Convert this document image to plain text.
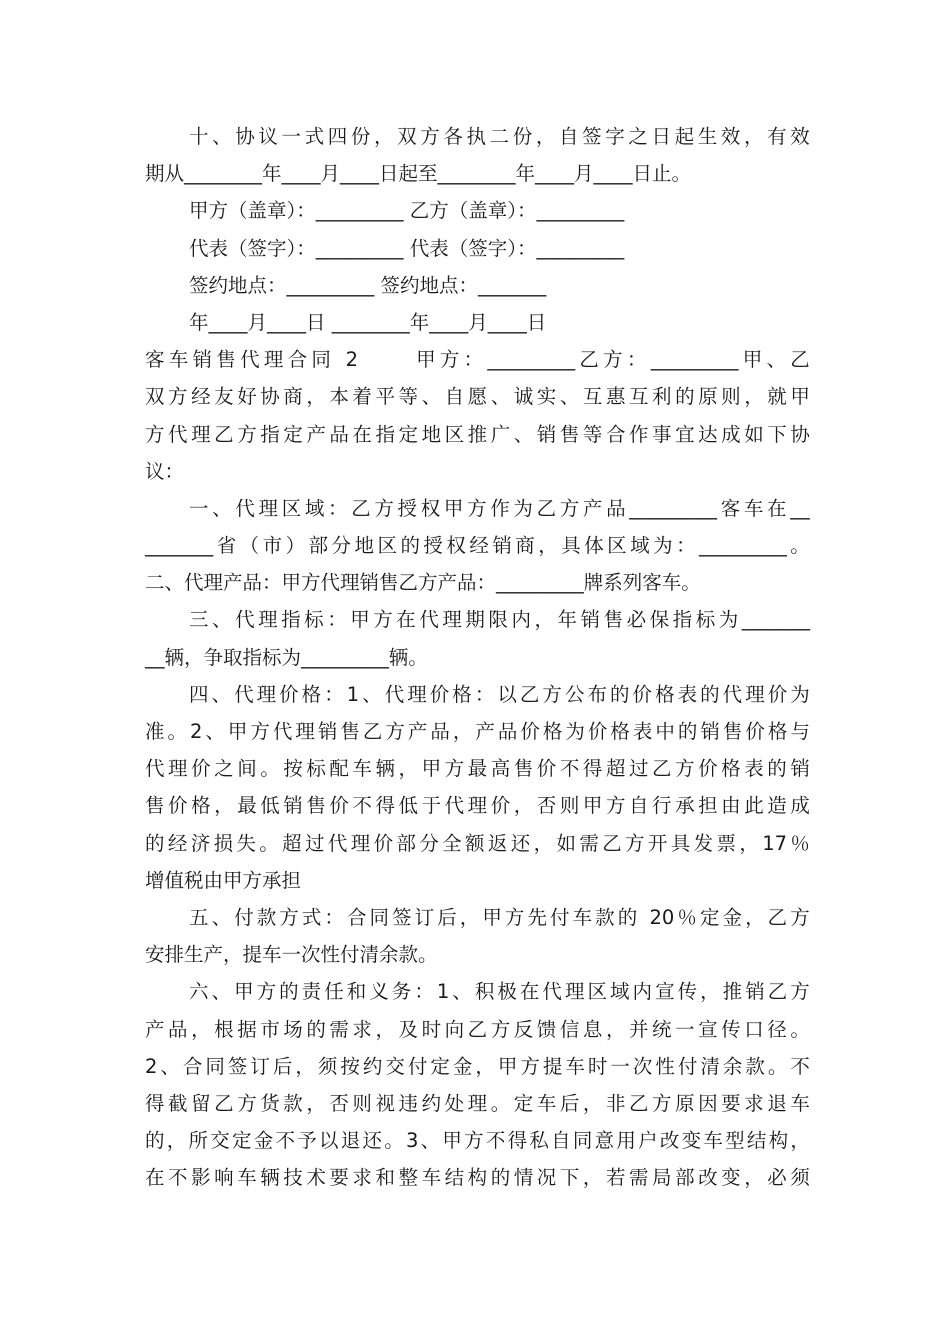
十 、 协 议 一 式 四 份 ， 双 方 各 执 二 份 ， 自 签 字 之 日 起 生 效 ， 有 效
期从________年____月____日起至________年____月____日止。
甲方（盖章）：_________ 乙方（盖章）：_________
代表（签字）：_________ 代表（签字）：_________
签约地点：_________ 签约地点：_______
年____月____日 ________年____月____日
客 车 销 售 代 理 合 同
2
	甲 方 ： _________ 乙 方 ： _________ 甲 、 乙
双 方 经 友 好 协 商 ， 本 着 平 等 、 自 愿 、 诚 实 、 互 惠 互 利 的 原 则 ， 就 甲
方 代 理 乙 方 指 定 产 品 在 指 定 地 区 推 广 、 销 售 等 合 作 事 宜 达 成 如 下 协
议：
一 、 代 理 区 域 ： 乙 方 授 权 甲 方 作 为 乙 方 产 品 _________ 客 车 在 __
_______ 省 （ 市 ） 部 分 地 区 的 授 权 经 销 商 ， 具 体 区 域 为 ： _________ 。
二、代理产品：甲方代理销售乙方产品：_________牌系列客车。
三 、 代 理 指 标 ： 甲 方 在 代 理 期 限 内 ， 年 销 售 必 保 指 标 为 _______
__辆，争取指标为_________辆。
四 、 代 理 价 格 ： 1 、 代 理 价 格 ： 以 乙 方 公 布 的 价 格 表 的 代 理 价 为
准 。 2 、 甲 方 代 理 销 售 乙 方 产 品 ， 产 品 价 格 为 价 格 表 中 的 销 售 价 格 与
代 理 价 之 间 。 按 标 配 车 辆 ， 甲 方 最 高 售 价 不 得 超 过 乙 方 价 格 表 的 销
售 价 格 ， 最 低 销 售 价 不 得 低 于 代 理 价 ， 否 则 甲 方 自 行 承 担 由 此 造 成
的 经 济 损 失 。 超 过 代 理 价 部 分 全 额 返 还 ， 如 需 乙 方 开 具 发 票 ， 17 ％
增值税由甲方承担
五 、 付 款 方 式 ： 合 同 签 订 后 ， 甲 方 先 付 车 款 的
20 ％ 定 金 ， 乙 方
安排生产，提车一次性付清余款。
六 、 甲 方 的 责 任 和 义 务 ： 1 、 积 极 在 代 理 区 域 内 宣 传 ， 推 销 乙 方
产 品 ， 根 据 市 场 的 需 求 ， 及 时 向 乙 方 反 馈 信 息 ， 并 统 一 宣 传 口 径 。
2 、 合 同 签 订 后 ， 须 按 约 交 付 定 金 ， 甲 方 提 车 时 一 次 性 付 清 余 款 。 不
得 截 留 乙 方 货 款 ， 否 则 视 违 约 处 理 。 定 车 后 ， 非 乙 方 原 因 要 求 退 车
的 ， 所 交 定 金 不 予 以 退 还 。 3 、 甲 方 不 得 私 自 同 意 用 户 改 变 车 型 结 构 ，
在 不 影 响 车 辆 技 术 要 求 和 整 车 结 构 的 情 况 下 ， 若 需 局 部 改 变 ， 必 须
